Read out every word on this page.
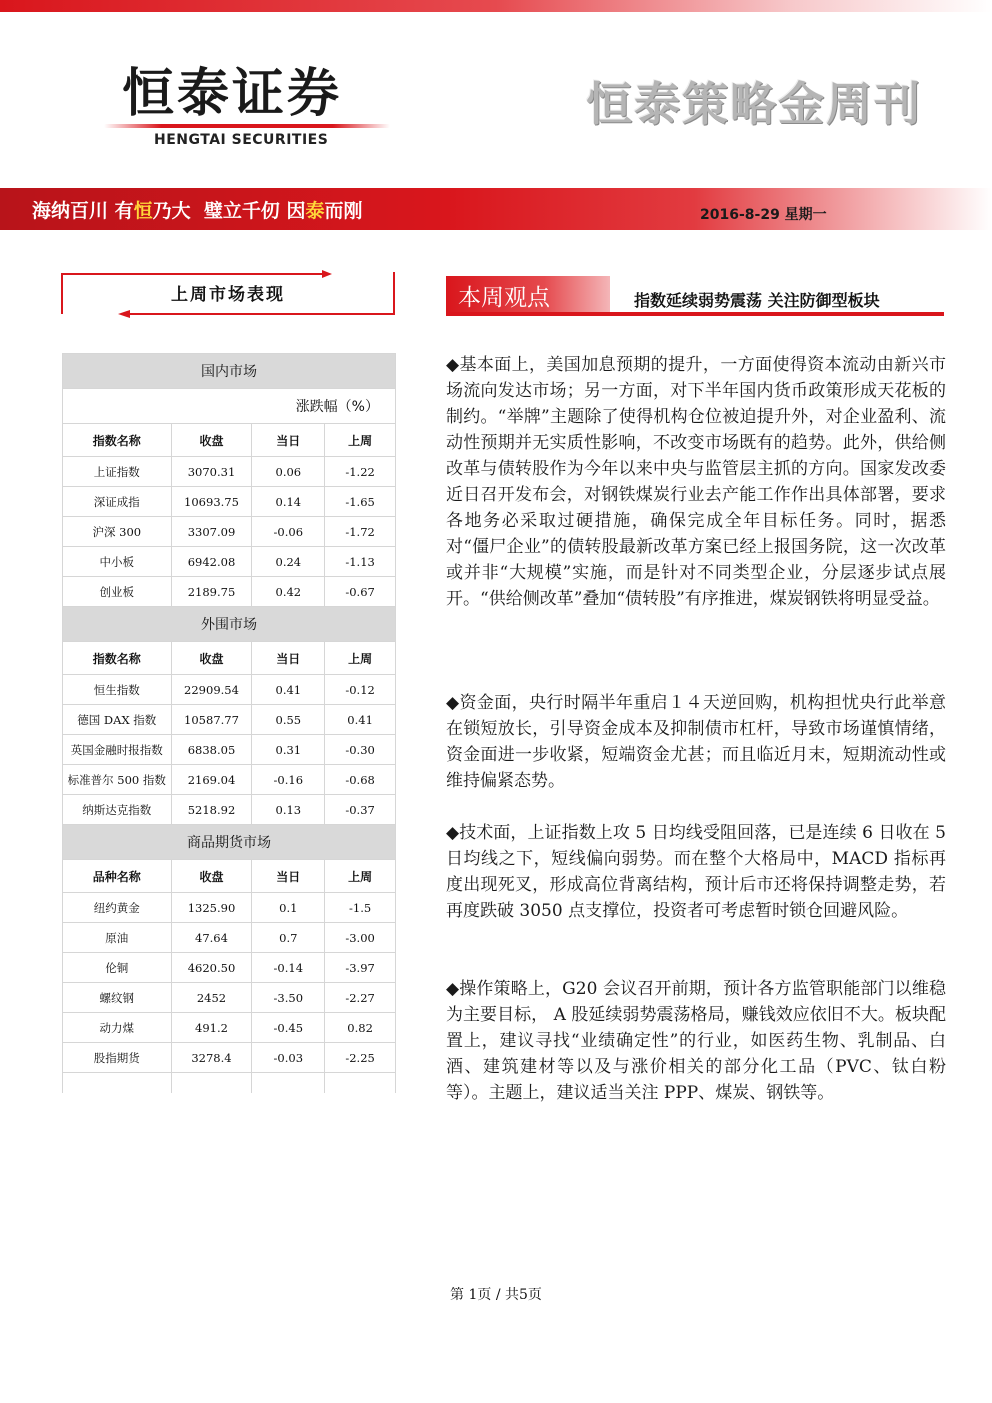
恒泰证券
HENGTAI SECURITIES
恒泰策略金周刊
海纳百川 有恒乃大  璧立千仞 因泰而刚	2016-8-29 星期一
上周市场表现
国内市场			
涨跌幅（%）			
指数名称	收盘	当日	上周
上证指数	3070.31	0.06	-1.22
深证成指	10693.75	0.14	-1.65
沪深 300	3307.09	-0.06	-1.72
中小板	6942.08	0.24	-1.13
创业板	2189.75	0.42	-0.67
外围市场			
指数名称	收盘	当日	上周
恒生指数	22909.54	0.41	-0.12
德国 DAX 指数	10587.77	0.55	0.41
英国金融时报指数	6838.05	0.31	-0.30
标准普尔 500 指数	2169.04	-0.16	-0.68
纳斯达克指数	5218.92	0.13	-0.37
商品期货市场			
品种名称	收盘	当日	上周
纽约黄金	1325.90	0.1	-1.5
原油	47.64	0.7	-3.00
伦铜	4620.50	-0.14	-3.97
螺纹钢	2452	-3.50	-2.27
动力煤	491.2	-0.45	0.82
股指期货	3278.4	-0.03	-2.25

本周观点	指数延续弱势震荡 关注防御型板块

◆基本面上，美国加息预期的提升，一方面使得资本流动由新兴市场流向发达市场；另一方面，对下半年国内货币政策形成天花板的制约。“举牌”主题除了使得机构仓位被迫提升外，对企业盈利、流动性预期并无实质性影响，不改变市场既有的趋势。此外，供给侧改革与债转股作为今年以来中央与监管层主抓的方向。国家发改委近日召开发布会，对钢铁煤炭行业去产能工作作出具体部署，要求各地务必采取过硬措施，确保完成全年目标任务。同时，据悉对“僵尸企业”的债转股最新改革方案已经上报国务院，这一次改革或并非“大规模”实施，而是针对不同类型企业，分层逐步试点展开。“供给侧改革”叠加“债转股”有序推进，煤炭钢铁将明显受益。

◆资金面，央行时隔半年重启１４天逆回购，机构担忧央行此举意在锁短放长，引导资金成本及抑制债市杠杆，导致市场谨慎情绪，资金面进一步收紧，短端资金尤甚；而且临近月末，短期流动性或维持偏紧态势。

◆技术面，上证指数上攻 5 日均线受阻回落，已是连续 6 日收在 5 日均线之下，短线偏向弱势。而在整个大格局中，MACD 指标再度出现死叉，形成高位背离结构，预计后市还将保持调整走势，若再度跌破 3050 点支撑位，投资者可考虑暂时锁仓回避风险。

◆操作策略上，G20 会议召开前期，预计各方监管职能部门以维稳为主要目标， A 股延续弱势震荡格局，赚钱效应依旧不大。板块配置上，建议寻找“业绩确定性”的行业，如医药生物、乳制品、白酒、建筑建材等以及与涨价相关的部分化工品（PVC、钛白粉等）。主题上，建议适当关注 PPP、煤炭、钢铁等。

第 1页 / 共5页
